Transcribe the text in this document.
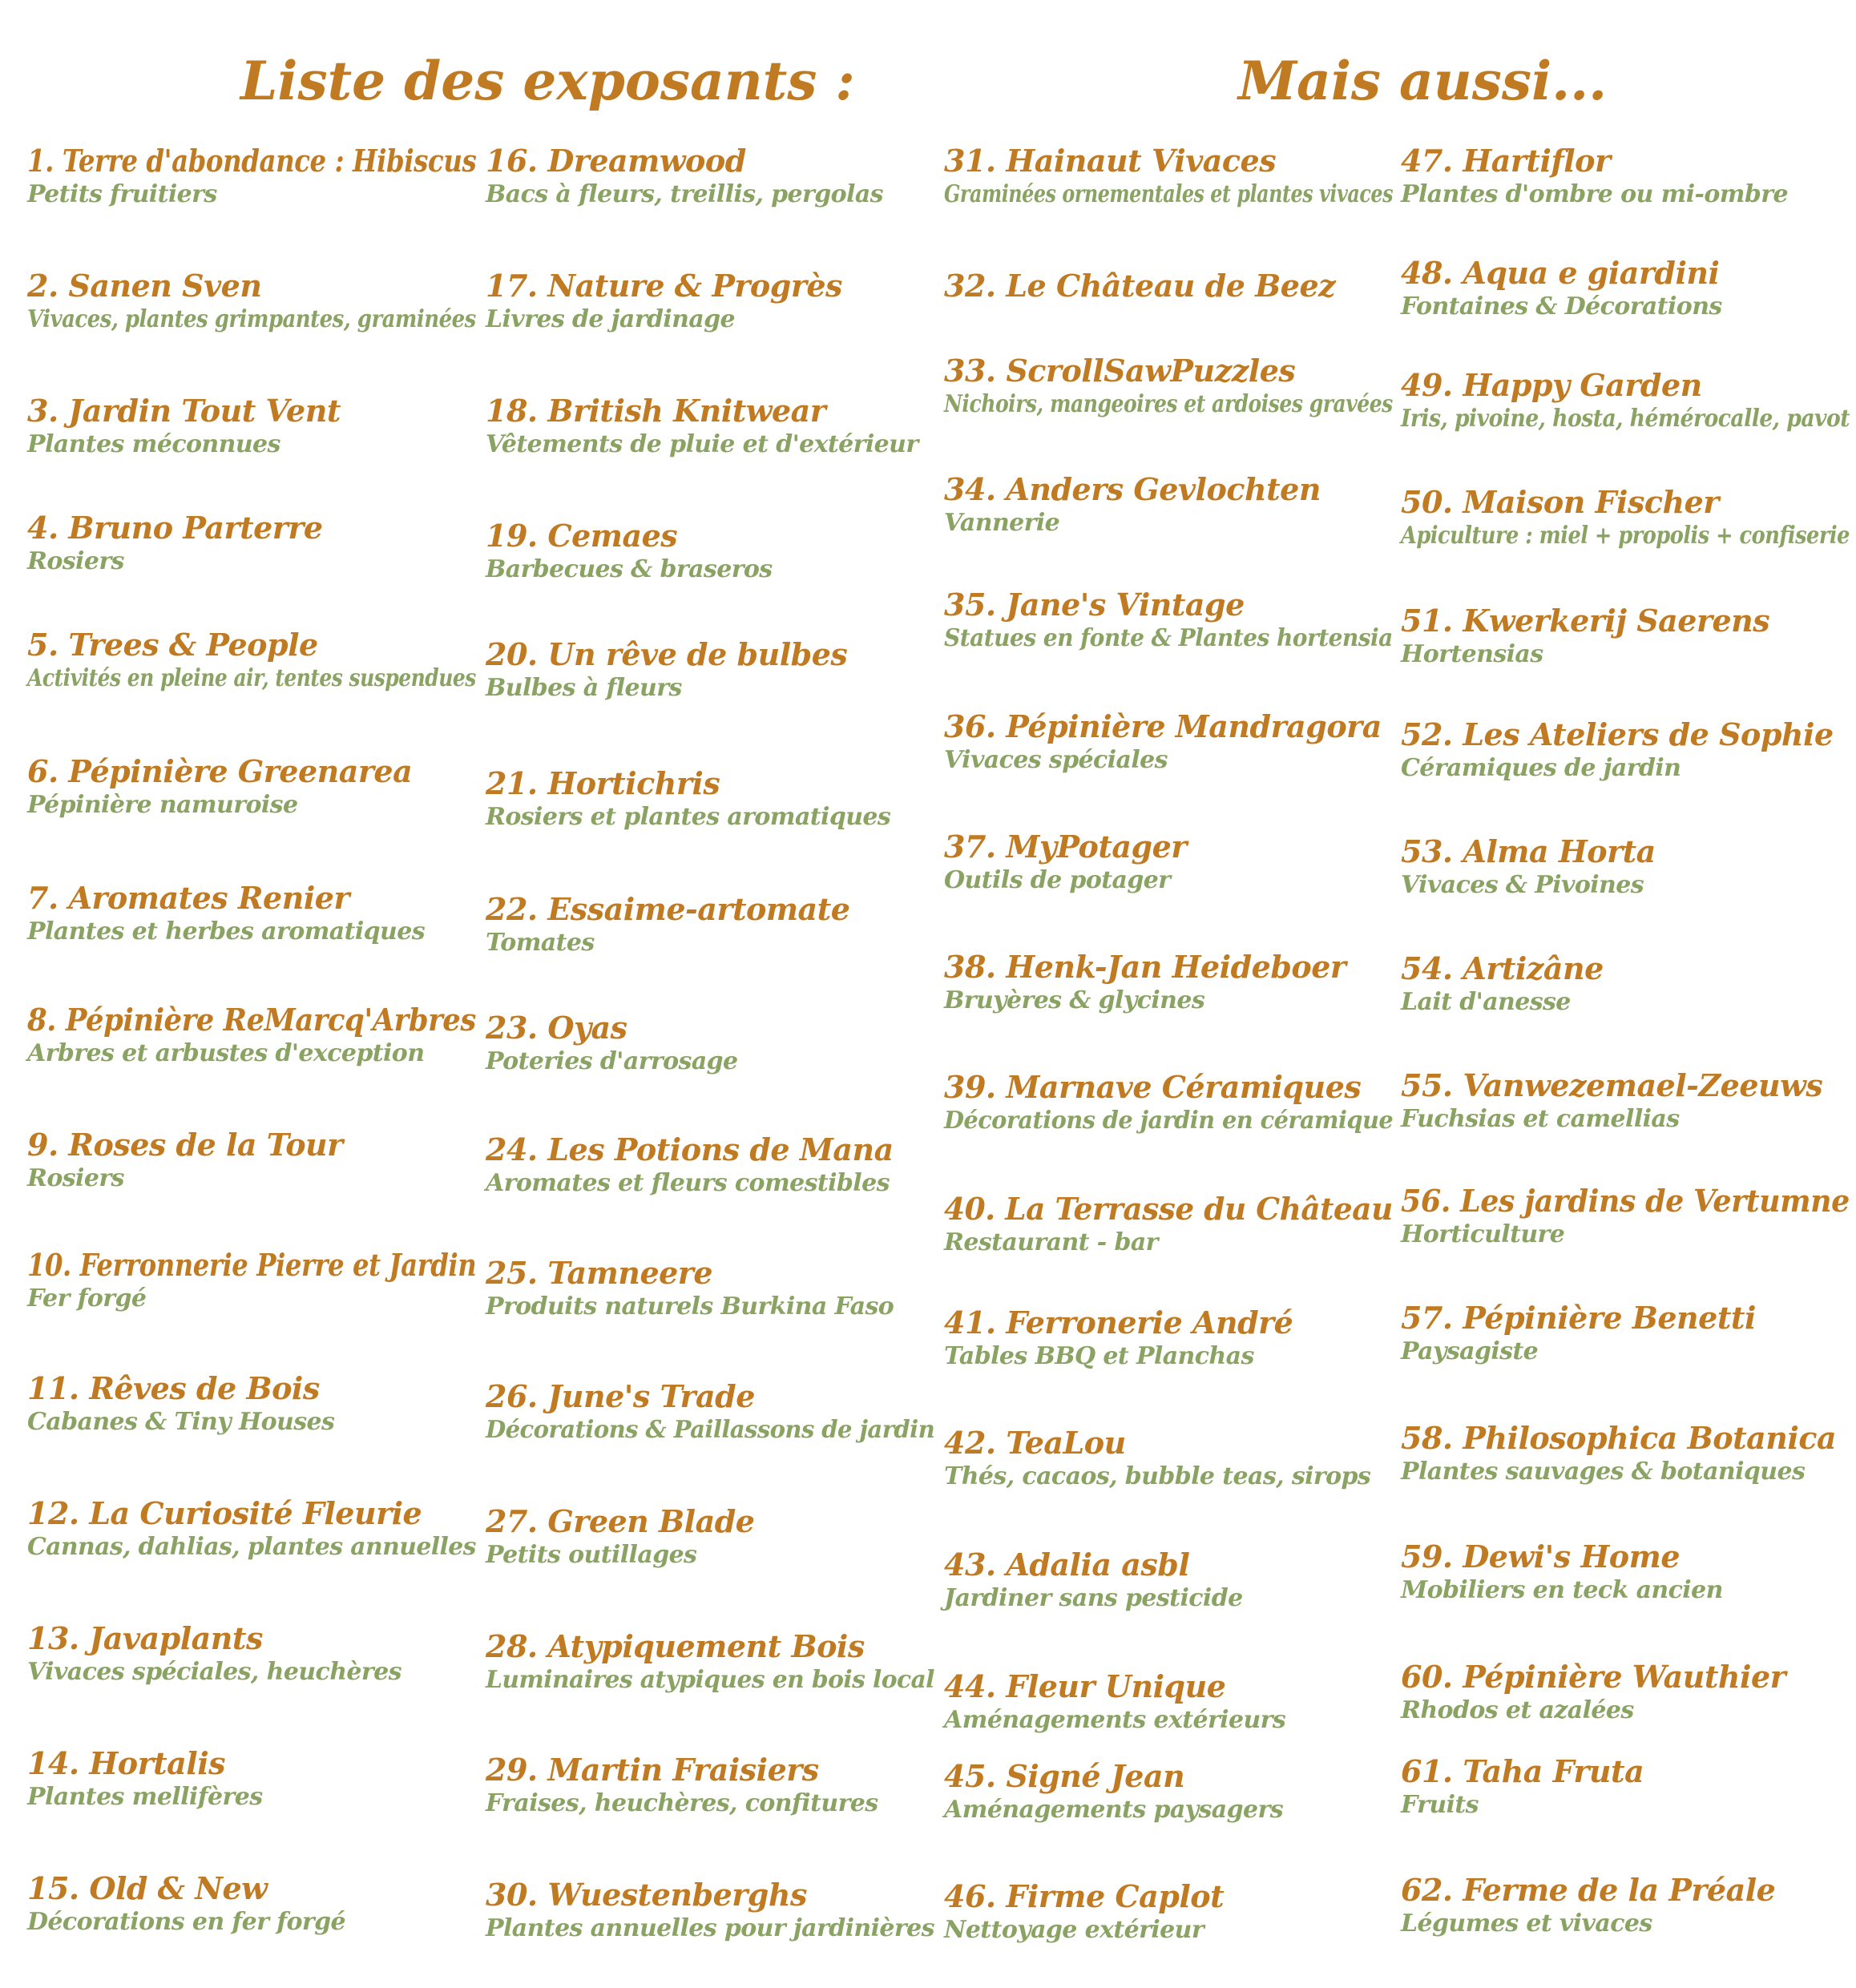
Liste des exposants :	Mais aussi...
1. Terre d'abondance : Hibiscus
Petits fruitiers
2. Sanen Sven
Vivaces, plantes grimpantes, graminées
3. Jardin Tout Vent
Plantes méconnues
4. Bruno Parterre
Rosiers
5. Trees & People
Activités en pleine air, tentes suspendues
6. Pépinière Greenarea
Pépinière namuroise
7. Aromates Renier
Plantes et herbes aromatiques
8. Pépinière ReMarcq'Arbres
Arbres et arbustes d'exception
9. Roses de la Tour
Rosiers
10. Ferronnerie Pierre et Jardin
Fer forgé
11. Rêves de Bois
Cabanes & Tiny Houses
12. La Curiosité Fleurie
Cannas, dahlias, plantes annuelles
13. Javaplants
Vivaces spéciales, heuchères
14. Hortalis
Plantes mellifères
15. Old & New
Décorations en fer forgé
16. Dreamwood
Bacs à fleurs, treillis, pergolas
17. Nature & Progrès
Livres de jardinage
18. British Knitwear
Vêtements de pluie et d'extérieur
19. Cemaes
Barbecues & braseros
20. Un rêve de bulbes
Bulbes à fleurs
21. Hortichris
Rosiers et plantes aromatiques
22. Essaime-artomate
Tomates
23. Oyas
Poteries d'arrosage
24. Les Potions de Mana
Aromates et fleurs comestibles
25. Tamneere
Produits naturels Burkina Faso
26. June's Trade
Décorations & Paillassons de jardin
27. Green Blade
Petits outillages
28. Atypiquement Bois
Luminaires atypiques en bois local
29. Martin Fraisiers
Fraises, heuchères, confitures
30. Wuestenberghs
Plantes annuelles pour jardinières
31. Hainaut Vivaces
Graminées ornementales et plantes vivaces
32. Le Château de Beez
33. ScrollSawPuzzles
Nichoirs, mangeoires et ardoises gravées
34. Anders Gevlochten
Vannerie
35. Jane's Vintage
Statues en fonte & Plantes hortensia
36. Pépinière Mandragora
Vivaces spéciales
37. MyPotager
Outils de potager
38. Henk-Jan Heideboer
Bruyères & glycines
39. Marnave Céramiques
Décorations de jardin en céramique
40. La Terrasse du Château
Restaurant - bar
41. Ferronerie André
Tables BBQ et Planchas
42. TeaLou
Thés, cacaos, bubble teas, sirops
43. Adalia asbl
Jardiner sans pesticide
44. Fleur Unique
Aménagements extérieurs
45. Signé Jean
Aménagements paysagers
46. Firme Caplot
Nettoyage extérieur
47. Hartiflor
Plantes d'ombre ou mi-ombre
48. Aqua e giardini
Fontaines & Décorations
49. Happy Garden
Iris, pivoine, hosta, hémérocalle, pavot
50. Maison Fischer
Apiculture : miel + propolis + confiserie
51. Kwerkerij Saerens
Hortensias
52. Les Ateliers de Sophie
Céramiques de jardin
53. Alma Horta
Vivaces & Pivoines
54. Artizâne
Lait d'anesse
55. Vanwezemael-Zeeuws
Fuchsias et camellias
56. Les jardins de Vertumne
Horticulture
57. Pépinière Benetti
Paysagiste
58. Philosophica Botanica
Plantes sauvages & botaniques
59. Dewi's Home
Mobiliers en teck ancien
60. Pépinière Wauthier
Rhodos et azalées
61. Taha Fruta
Fruits
62. Ferme de la Préale
Légumes et vivaces
